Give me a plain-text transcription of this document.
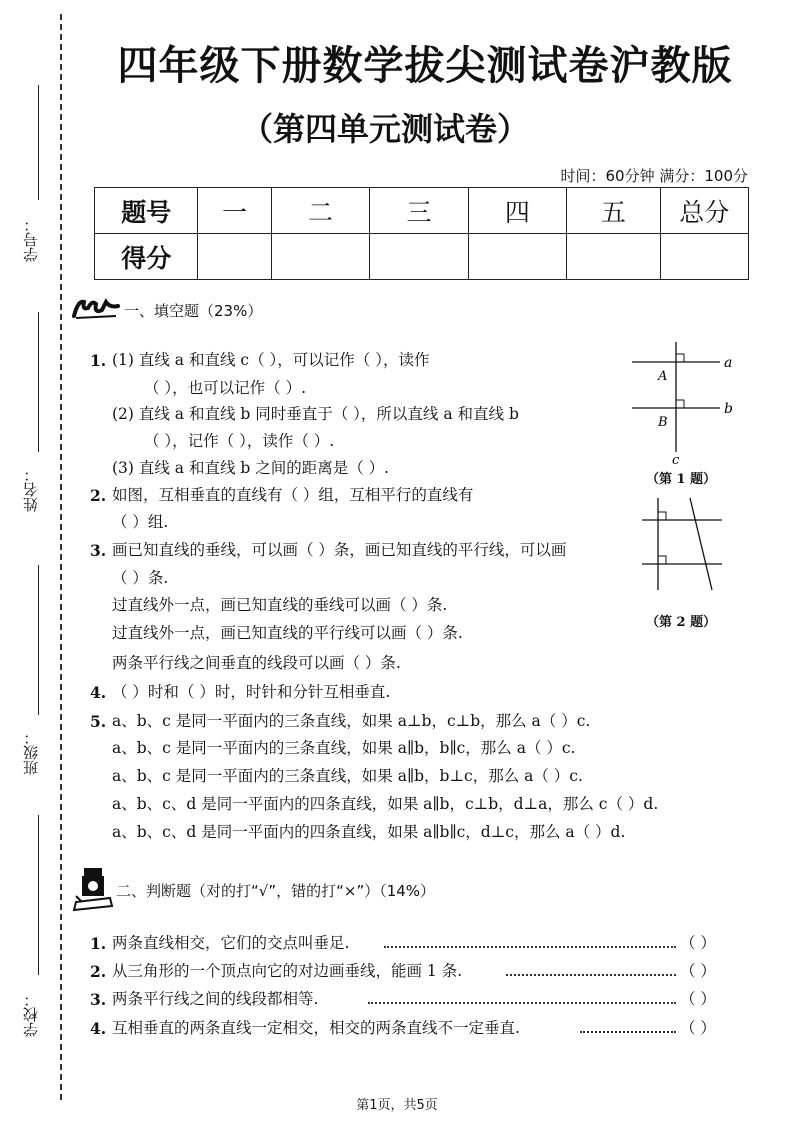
学号：
姓名：
班级：
学校：
四年级下册数学拔尖测试卷沪教版
（第四单元测试卷）
时间：60分钟 满分：100分
题号	一	二	三	四	五	总分
得分						
一、填空题（23%）
1. (1) 直线 a 和直线 c（ ），可以记作（ ），读作
（ ），也可以记作（ ）.
(2) 直线 a 和直线 b 同时垂直于（ ），所以直线 a 和直线 b
（ ），记作（ ），读作（ ）.
(3) 直线 a 和直线 b 之间的距离是（ ）.
2. 如图，互相垂直的直线有（ ）组，互相平行的直线有
（ ）组.
3. 画已知直线的垂线，可以画（ ）条，画已知直线的平行线，可以画
（ ）条.
过直线外一点，画已知直线的垂线可以画（ ）条.
过直线外一点，画已知直线的平行线可以画（ ）条.
两条平行线之间垂直的线段可以画（ ）条.
4. （ ）时和（ ）时，时针和分针互相垂直.
5. a、b、c 是同一平面内的三条直线，如果 a⊥b，c⊥b，那么 a（ ）c.
a、b、c 是同一平面内的三条直线，如果 a∥b，b∥c，那么 a（ ）c.
a、b、c 是同一平面内的三条直线，如果 a∥b，b⊥c，那么 a（ ）c.
a、b、c、d 是同一平面内的四条直线，如果 a∥b，c⊥b，d⊥a，那么 c（ ）d.
a、b、c、d 是同一平面内的四条直线，如果 a∥b∥c，d⊥c，那么 a（ ）d.
a
b
c
A
B
（第 1 题）
（第 2 题）
二、判断题（对的打“√”，错的打“×”）（14%）
1. 两条直线相交，它们的交点叫垂足.	（ ）
2. 从三角形的一个顶点向它的对边画垂线，能画 1 条.	（ ）
3. 两条平行线之间的线段都相等.	（ ）
4. 互相垂直的两条直线一定相交，相交的两条直线不一定垂直.	（ ）
第1页，共5页
